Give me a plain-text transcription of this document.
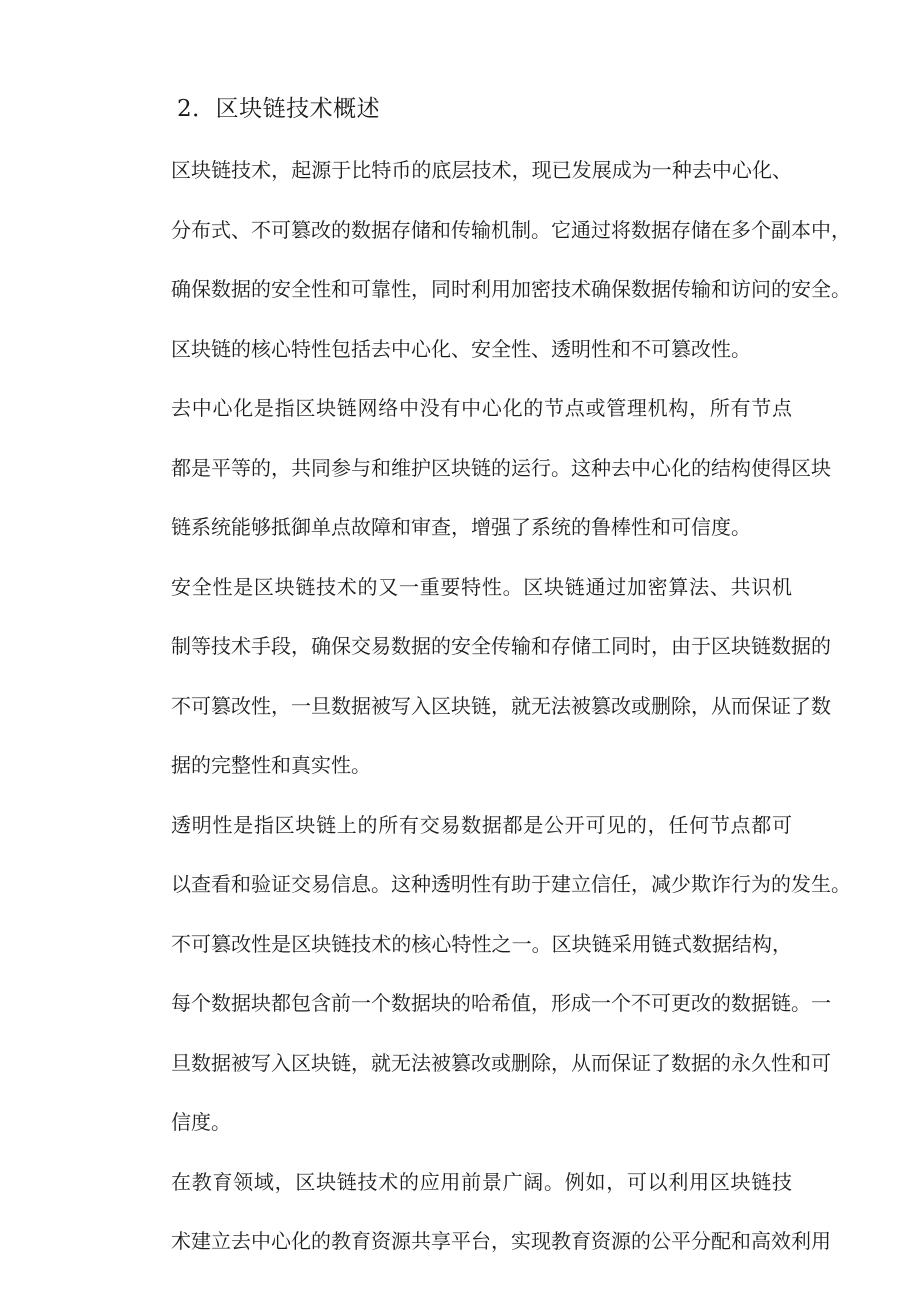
2．区块链技术概述

区块链技术，起源于比特币的底层技术，现已发展成为一种去中心化、
分布式、不可篡改的数据存储和传输机制。它通过将数据存储在多个副本中，
确保数据的安全性和可靠性，同时利用加密技术确保数据传输和访问的安全。
区块链的核心特性包括去中心化、安全性、透明性和不可篡改性。

去中心化是指区块链网络中没有中心化的节点或管理机构，所有节点
都是平等的，共同参与和维护区块链的运行。这种去中心化的结构使得区块
链系统能够抵御单点故障和审查，增强了系统的鲁棒性和可信度。

安全性是区块链技术的又一重要特性。区块链通过加密算法、共识机
制等技术手段，确保交易数据的安全传输和存储工同时，由于区块链数据的
不可篡改性，一旦数据被写入区块链，就无法被篡改或删除，从而保证了数
据的完整性和真实性。

透明性是指区块链上的所有交易数据都是公开可见的，任何节点都可
以查看和验证交易信息。这种透明性有助于建立信任，减少欺诈行为的发生。

不可篡改性是区块链技术的核心特性之一。区块链采用链式数据结构，
每个数据块都包含前一个数据块的哈希值，形成一个不可更改的数据链。一
旦数据被写入区块链，就无法被篡改或删除，从而保证了数据的永久性和可
信度。

在教育领域，区块链技术的应用前景广阔。例如，可以利用区块链技
术建立去中心化的教育资源共享平台，实现教育资源的公平分配和高效利用
